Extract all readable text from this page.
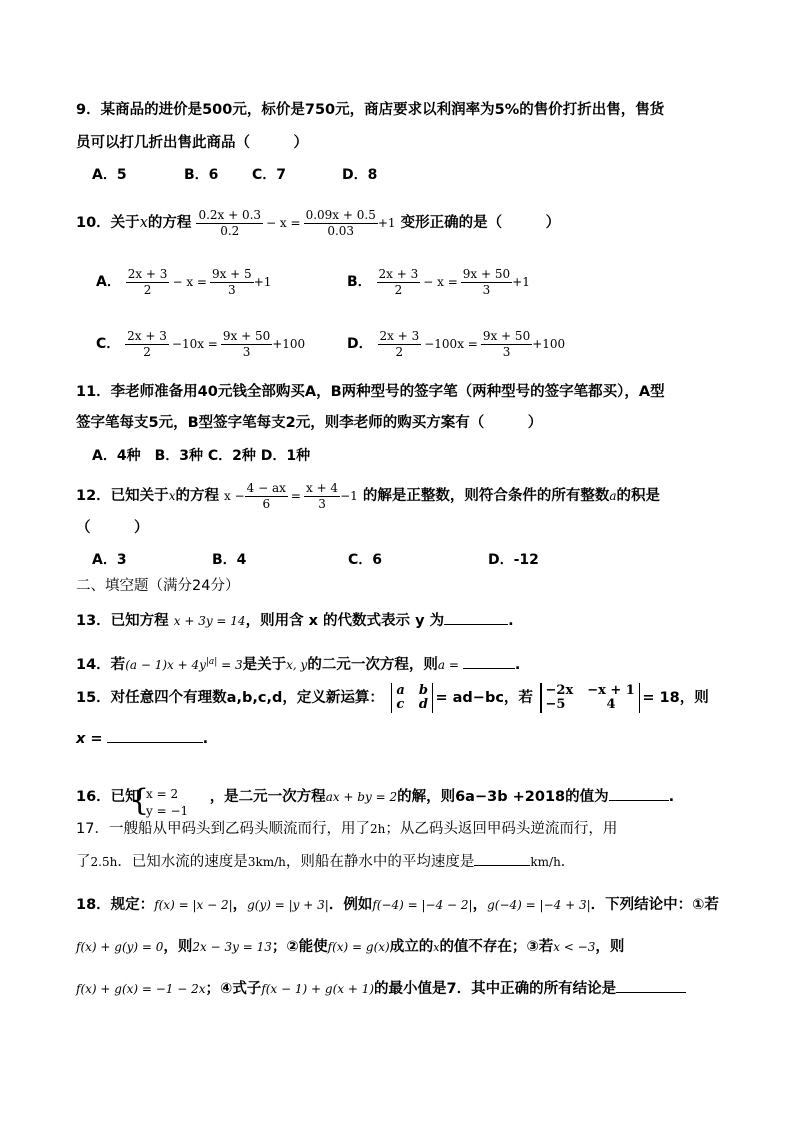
9．某商品的进价是500元，标价是750元，商店要求以利润率为5%的售价打折出售，售货
员可以打几折出售此商品（　　　）
A．5	B．6 C．7	D．8
10．关于x的方程 $\frac{0.2x + 0.3}{0.2} - x = \frac{0.09x + 0.5}{0.03} +1$ 变形正确的是（　　　）
A． $\frac{2x + 3}{2} - x = \frac{9x + 5}{3} +1$	B． $\frac{2x + 3}{2} - x = \frac{9x + 50}{3} +1$
C． $\frac{2x + 3}{2} -10x = \frac{9x + 50}{3} +100$	D． $\frac{2x + 3}{2} -100x = \frac{9x + 50}{3} +100$
11．李老师准备用40元钱全部购买A，B两种型号的签字笔（两种型号的签字笔都买），A型
签字笔每支5元，B型签字笔每支2元，则李老师的购买方案有（　　　）
A．4种　B．3种 C．2种 D．1种
12．已知关于x的方程 $x - \frac{4 - ax}{6} = \frac{x + 4}{3} -1$ 的解是正整数，则符合条件的所有整数a的积是
（　　　）
A．3	B．4	C．6	D．-12
二、填空题（满分24分）
13．已知方程 x + 3y = 14，则用含 x 的代数式表示 y 为	.
14．若$(a - 1)x + 4y^{|a|} = 3$是关于x, y的二元一次方程，则a =	.
15．对任意四个有理数a,b,c,d，定义新运算： a b
c d = ad−bc，若 −2x −x + 1
−5	4	= 18，则
x =	.
{
x = 2
y = −1
16．已知	，是二元一次方程ax + by = 2的解，则6a−3b +2018的值为	.
17．一艘船从甲码头到乙码头顺流而行，用了2h；从乙码头返回甲码头逆流而行，用
了2.5h．已知水流的速度是3km/h，则船在静水中的平均速度是	km/h．
18．规定：f(x) = |x − 2|，g(y) = |y + 3|．例如f(−4) = |−4 − 2|，g(−4) = |−4 + 3|．下列结论中：①若
f(x) + g(y) = 0，则2x − 3y = 13；②能使f(x) = g(x)成立的x的值不存在；③若x < −3，则
f(x) + g(x) = −1 − 2x；④式子f(x − 1) + g(x + 1)的最小值是7．其中正确的所有结论是
